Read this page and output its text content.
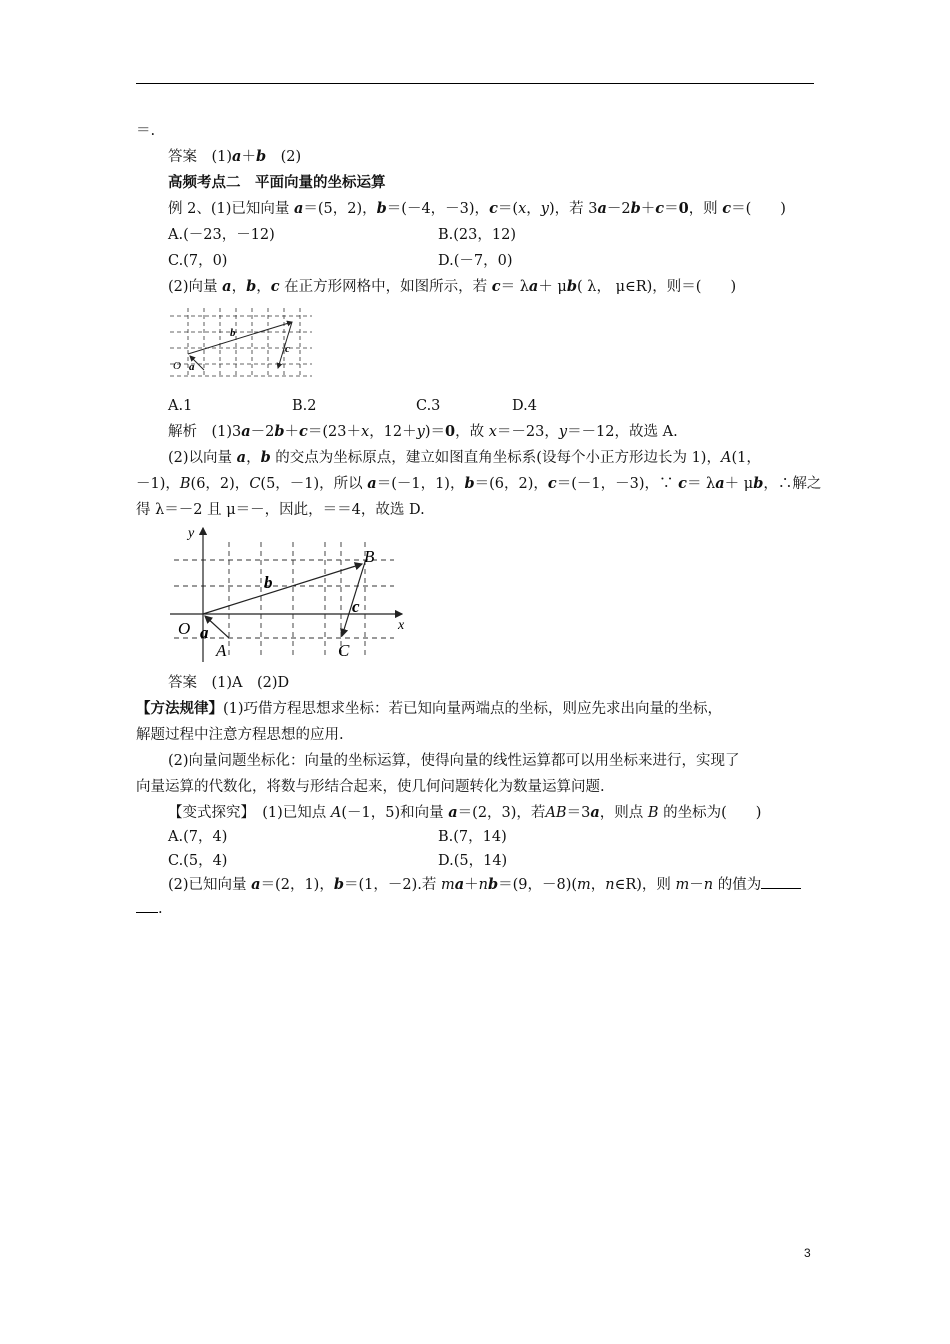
＝.
答案　(1)a＋b　(2)
高频考点二　平面向量的坐标运算
例 2、(1)已知向量 a＝(5，2)，b＝(－4，－3)，c＝(x，y)，若 3a－2b＋c＝0，则 c＝(　　)
A.(－23，－12)	B.(23，12)
C.(7，0)	D.(－7，0)
(2)向量 a，b，c 在正方形网格中，如图所示，若 c＝ λa＋ μb( λ， μ∈R)，则＝(　　)
O a
b
c
A.1	B.2	C.3	D.4
解析　(1)3a－2b＋c＝(23＋x，12＋y)＝0，故 x＝－23，y＝－12，故选 A.
(2)以向量 a，b 的交点为坐标原点，建立如图直角坐标系(设每个小正方形边长为 1)，A(1，
－1)，B(6，2)，C(5，－1)，所以 a＝(－1，1)，b＝(6，2)，c＝(－1，－3)，∵ c＝ λa＋ μb，∴解之
得 λ＝－2 且 μ＝－，因此，＝＝4，故选 D.
y
x
O a
b
c
A
B
C
答案　(1)A　(2)D
【方法规律】(1)巧借方程思想求坐标：若已知向量两端点的坐标，则应先求出向量的坐标，
解题过程中注意方程思想的应用.
(2)向量问题坐标化：向量的坐标运算，使得向量的线性运算都可以用坐标来进行，实现了
向量运算的代数化，将数与形结合起来，使几何问题转化为数量运算问题.
【变式探究】　(1)已知点 A(－1，5)和向量 a＝(2，3)，若AB＝3a，则点 B 的坐标为(　　)
A.(7，4)	B.(7，14)
C.(5，4)	D.(5，14)
(2)已知向量 a＝(2，1)，b＝(1，－2).若 ma＋nb＝(9，－8)(m，n∈R)，则 m－n 的值为
.
3
